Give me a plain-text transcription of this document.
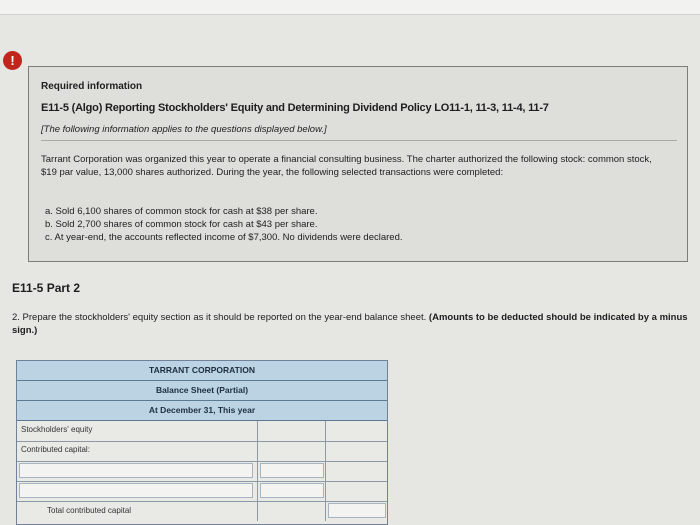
!
Required information
E11-5 (Algo) Reporting Stockholders' Equity and Determining Dividend Policy LO11-1, 11-3, 11-4, 11-7
[The following information applies to the questions displayed below.]
Tarrant Corporation was organized this year to operate a financial consulting business. The charter authorized the following stock: common stock, $19 par value, 13,000 shares authorized. During the year, the following selected transactions were completed:
a. Sold 6,100 shares of common stock for cash at $38 per share.
b. Sold 2,700 shares of common stock for cash at $43 per share.
c. At year-end, the accounts reflected income of $7,300. No dividends were declared.
E11-5 Part 2
2. Prepare the stockholders' equity section as it should be reported on the year-end balance sheet. (Amounts to be deducted should be indicated by a minus sign.)
TARRANT CORPORATION
Balance Sheet (Partial)
At December 31, This year
Stockholders' equity
Contributed capital:
Total contributed capital
